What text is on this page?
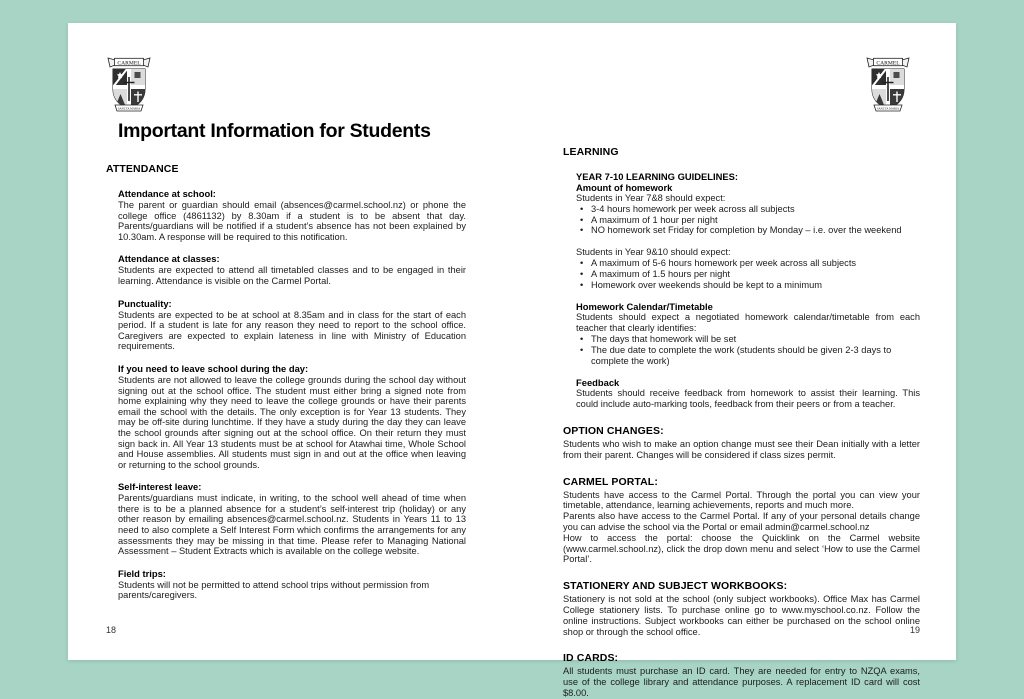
Important Information for Students
ATTENDANCE
Attendance at school:

The parent or guardian should email (absences@carmel.school.nz) or phone the college office (4861132) by 8.30am if a student is to be absent that day. Parents/guardians will be notified if a student’s absence has not been explained by 10.30am. A response will be required to this notification.

Attendance at classes:

Students are expected to attend all timetabled classes and to be engaged in their learning. Attendance is visible on the Carmel Portal.

Punctuality:

Students are expected to be at school at 8.35am and in class for the start of each period. If a student is late for any reason they need to report to the school office. Caregivers are expected to explain lateness in line with Ministry of Education requirements.

If you need to leave school during the day:

Students are not allowed to leave the college grounds during the school day without signing out at the school office. The student must either bring a signed note from home explaining why they need to leave the college grounds or have their parents email the school with the details. The only exception is for Year 13 students. They may be off-site during lunchtime. If they have a study during the day they can leave the school grounds after signing out at the school office. On their return they must sign back in. All Year 13 students must be at school for Atawhai time, Whole School and House assemblies. All students must sign in and out at the office when leaving or returning to the school grounds.

Self-interest leave:

Parents/guardians must indicate, in writing, to the school well ahead of time when there is to be a planned absence for a student’s self-interest trip (holiday) or any other reason by emailing absences@carmel.school.nz. Students in Years 11 to 13 need to also complete a Self Interest Form which confirms the arrangements for any assessments they may be missing in that time. Please refer to Managing National Assessment – Student Extracts which is available on the college website.

Field trips:

Students will not be permitted to attend school trips without permission from parents/caregivers.

18
LEARNING
YEAR 7-10 LEARNING GUIDELINES:
Amount of homework

Students in Year 7&8 should expect:

• 3-4 hours homework per week across all subjects
• A maximum of 1 hour per night
• NO homework set Friday for completion by Monday – i.e. over the weekend

Students in Year 9&10 should expect:

• A maximum of 5-6 hours homework per week across all subjects
• A maximum of 1.5 hours per night
• Homework over weekends should be kept to a minimum
Homework Calendar/Timetable

Students should expect a negotiated homework calendar/timetable from each teacher that clearly identifies:

• The days that homework will be set
• The due date to complete the work (students should be given 2-3 days to complete the work)
Feedback

Students should receive feedback from homework to assist their learning. This could include auto-marking tools, feedback from their peers or from a teacher.

OPTION CHANGES:

Students who wish to make an option change must see their Dean initially with a letter from their parent. Changes will be considered if class sizes permit.

CARMEL PORTAL:

Students have access to the Carmel Portal. Through the portal you can view your timetable, attendance, learning achievements, reports and much more.

Parents also have access to the Carmel Portal. If any of your personal details change you can advise the school via the Portal or email admin@carmel.school.nz

How to access the portal: choose the Quicklink on the Carmel website (www.carmel.school.nz), click the drop down menu and select ‘How to use the Carmel Portal’.

STATIONERY AND SUBJECT WORKBOOKS:

Stationery is not sold at the school (only subject workbooks). Office Max has Carmel College stationery lists. To purchase online go to www.myschool.co.nz. Follow the online instructions. Subject workbooks can either be purchased on the school online shop or through the school office.

ID CARDS:

All students must purchase an ID card. They are needed for entry to NZQA exams, use of the college library and attendance purposes. A replacement ID card will cost $8.00.

19
